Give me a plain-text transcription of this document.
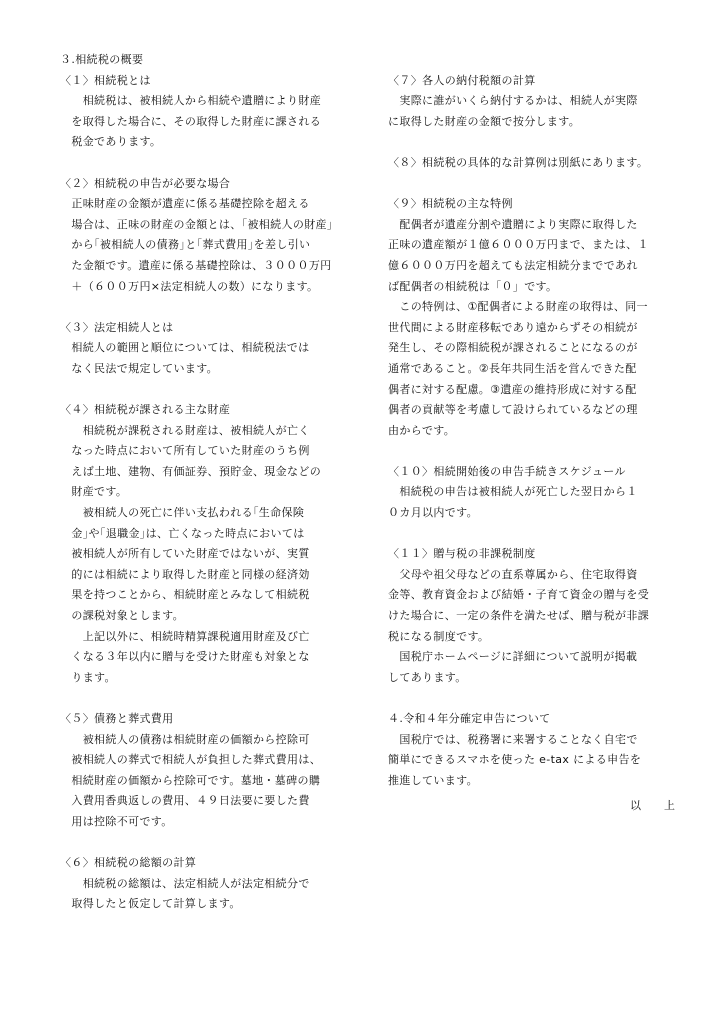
３.相続税の概要
〈１〉相続税とは
　　相続税は、被相続人から相続や遺贈により財産
　を取得した場合に、その取得した財産に課される
　税金であります。
〈２〉相続税の申告が必要な場合
　正味財産の金額が遺産に係る基礎控除を超える
　場合は、正味の財産の金額とは、｢被相続人の財産｣
　から｢被相続人の債務｣と｢葬式費用｣を差し引い
　た金額です。遺産に係る基礎控除は、３０００万円
　＋（６００万円×法定相続人の数）になります。
〈３〉法定相続人とは
　相続人の範囲と順位については、相続税法では
　なく民法で規定しています。
〈４〉相続税が課される主な財産
　　相続税が課税される財産は、被相続人が亡く
　なった時点において所有していた財産のうち例
　えば土地、建物、有価証券、預貯金、現金などの
　財産です。
　　被相続人の死亡に伴い支払われる｢生命保険
　金｣や｢退職金｣は、亡くなった時点においては
　被相続人が所有していた財産ではないが、実質
　的には相続により取得した財産と同様の経済効
　果を持つことから、相続財産とみなして相続税
　の課税対象とします。
　　上記以外に、相続時精算課税適用財産及び亡
　くなる３年以内に贈与を受けた財産も対象とな
　ります。
〈５〉債務と葬式費用
　　被相続人の債務は相続財産の価額から控除可
　被相続人の葬式で相続人が負担した葬式費用は、
　相続財産の価額から控除可です。墓地・墓碑の購
　入費用香典返しの費用、４９日法要に要した費
　用は控除不可です。
〈６〉相続税の総額の計算
　　相続税の総額は、法定相続人が法定相続分で
　取得したと仮定して計算します。
〈７〉各人の納付税額の計算
　実際に誰がいくら納付するかは、相続人が実際
に取得した財産の金額で按分します。
〈８〉相続税の具体的な計算例は別紙にあります。
〈９〉相続税の主な特例
　配偶者が遺産分割や遺贈により実際に取得した
正味の遺産額が１億６０００万円まで、または、１
億６０００万円を超えても法定相続分までであれ
ば配偶者の相続税は「０」です。
　この特例は、①配偶者による財産の取得は、同一
世代間による財産移転であり遠からずその相続が
発生し、その際相続税が課されることになるのが
通常であること。②長年共同生活を営んできた配
偶者に対する配慮。③遺産の維持形成に対する配
偶者の貢献等を考慮して設けられているなどの理
由からです。
〈１０〉相続開始後の申告手続きスケジュール
　相続税の申告は被相続人が死亡した翌日から１
０カ月以内です。
〈１１〉贈与税の非課税制度
　父母や祖父母などの直系尊属から、住宅取得資
金等、教育資金および結婚・子育て資金の贈与を受
けた場合に、一定の条件を満たせば、贈与税が非課
税になる制度です。
　国税庁ホームページに詳細について説明が掲載
してあります。
４.令和４年分確定申告について
　国税庁では、税務署に来署することなく自宅で
簡単にできるスマホを使った e-tax による申告を
推進しています。
以　上
